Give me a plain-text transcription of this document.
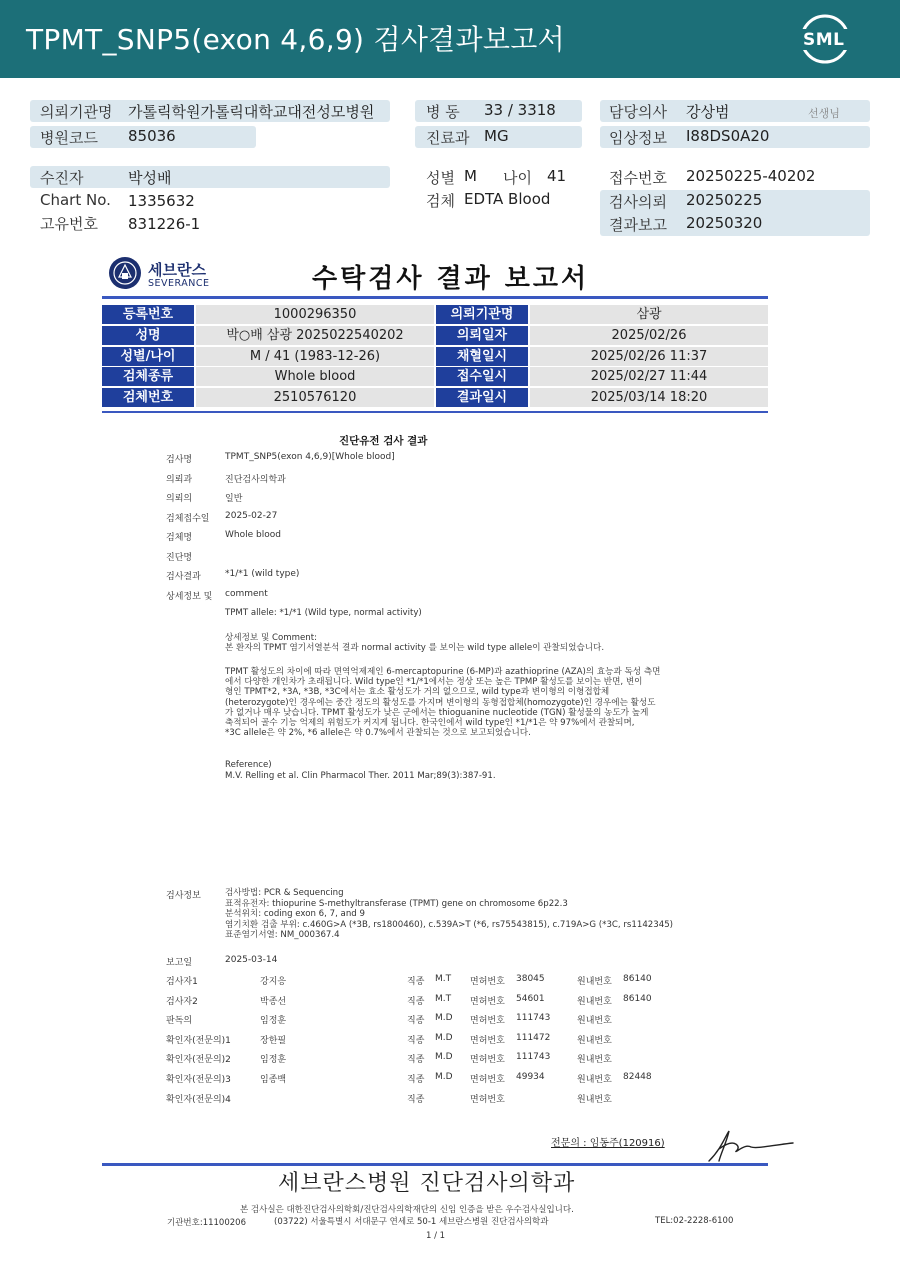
TPMT_SNP5(exon 4,6,9) 검사결과보고서	SML
의뢰기관명 가톨릭학원가톨릭대학교대전성모병원
병원코드 85036
병 동 33 / 3318
진료과 MG
담당의사 강상범	선생님
임상정보 I88DS0A20
수진자	박성배
Chart No. 1335632
고유번호 831226-1
성별 M 나이 41
검체 EDTA Blood
접수번호 20250225-40202
검사의뢰 20250225
결과보고 20250320
세브란스
SEVERANCE	수탁검사 결과 보고서
등록번호	1000296350	의뢰기관명	삼광
성명	박○배 삼광 2025022540202	의뢰일자	2025/02/26
성별/나이	M / 41 (1983-12-26)	채혈일시	2025/02/26 11:37
검체종류	Whole blood	접수일시	2025/02/27 11:44
검체번호	2510576120	결과일시	2025/03/14 18:20
진단유전 검사 결과
검사명	TPMT_SNP5(exon 4,6,9)[Whole blood]
의뢰과	진단검사의학과
의뢰의	일반
검체접수일 2025-02-27
검체명	Whole blood
진단명
검사결과	*1/*1 (wild type)
상세정보 및 comment
TPMT allele: *1/*1 (Wild type, normal activity)
상세정보 및 Comment:
본 환자의 TPMT 염기서열분석 결과 normal activity 를 보이는 wild type allele이 관찰되었습니다.
TPMT 활성도의 차이에 따라 면역억제제인 6-mercaptopurine (6-MP)과 azathioprine (AZA)의 효능과 독성 측면
에서 다양한 개인차가 초래됩니다. Wild type인 *1/*1에서는 정상 또는 높은 TPMP 활성도를 보이는 반면, 변이
형인 TPMT*2, *3A, *3B, *3C에서는 효소 활성도가 거의 없으므로, wild type과 변이형의 이형접합체
(heterozygote)인 경우에는 중간 정도의 활성도를 가지며 변이형의 동형접합체(homozygote)인 경우에는 활성도
가 없거나 매우 낮습니다. TPMT 활성도가 낮은 군에서는 thioguanine nucleotide (TGN) 활성물의 농도가 높게
축적되어 골수 기능 억제의 위험도가 커지게 됩니다. 한국인에서 wild type인 *1/*1은 약 97%에서 관찰되며,
*3C allele은 약 2%, *6 allele은 약 0.7%에서 관찰되는 것으로 보고되었습니다.
Reference)
M.V. Relling et al. Clin Pharmacol Ther. 2011 Mar;89(3):387-91.
검사정보	검사방법: PCR & Sequencing
표적유전자: thiopurine S-methyltransferase (TPMT) gene on chromosome 6p22.3
분석위치: coding exon 6, 7, and 9
염기치환 검출 부위: c.460G>A (*3B, rs1800460), c.539A>T (*6, rs75543815), c.719A>G (*3C, rs1142345)
표준염기서열: NM_000367.4
보고일	2025-03-14
검사자1	강지응	직종 M.T 면허번호 38045	원내번호 86140
검사자2	박종선	직종 M.T 면허번호 54601	원내번호 86140
판독의	임정훈	직종 M.D 면허번호 111743	원내번호
확인자(전문의)1	장한필	직종 M.D 면허번호 111472	원내번호
확인자(전문의)2	임정훈	직종 M.D 면허번호 111743	원내번호
확인자(전문의)3	임종백	직종 M.D 면허번호 49934	원내번호 82448
확인자(전문의)4	직종	면허번호	원내번호
전문의 : 임동주(120916)
세브란스병원 진단검사의학과
본 검사실은 대한진단검사의학회/진단검사의학재단의 신임 인증을 받은 우수검사실입니다.
기관번호:11100206	(03722) 서울특별시 서대문구 연세로 50-1 세브란스병원 진단검사의학과	TEL:02-2228-6100
1 / 1
